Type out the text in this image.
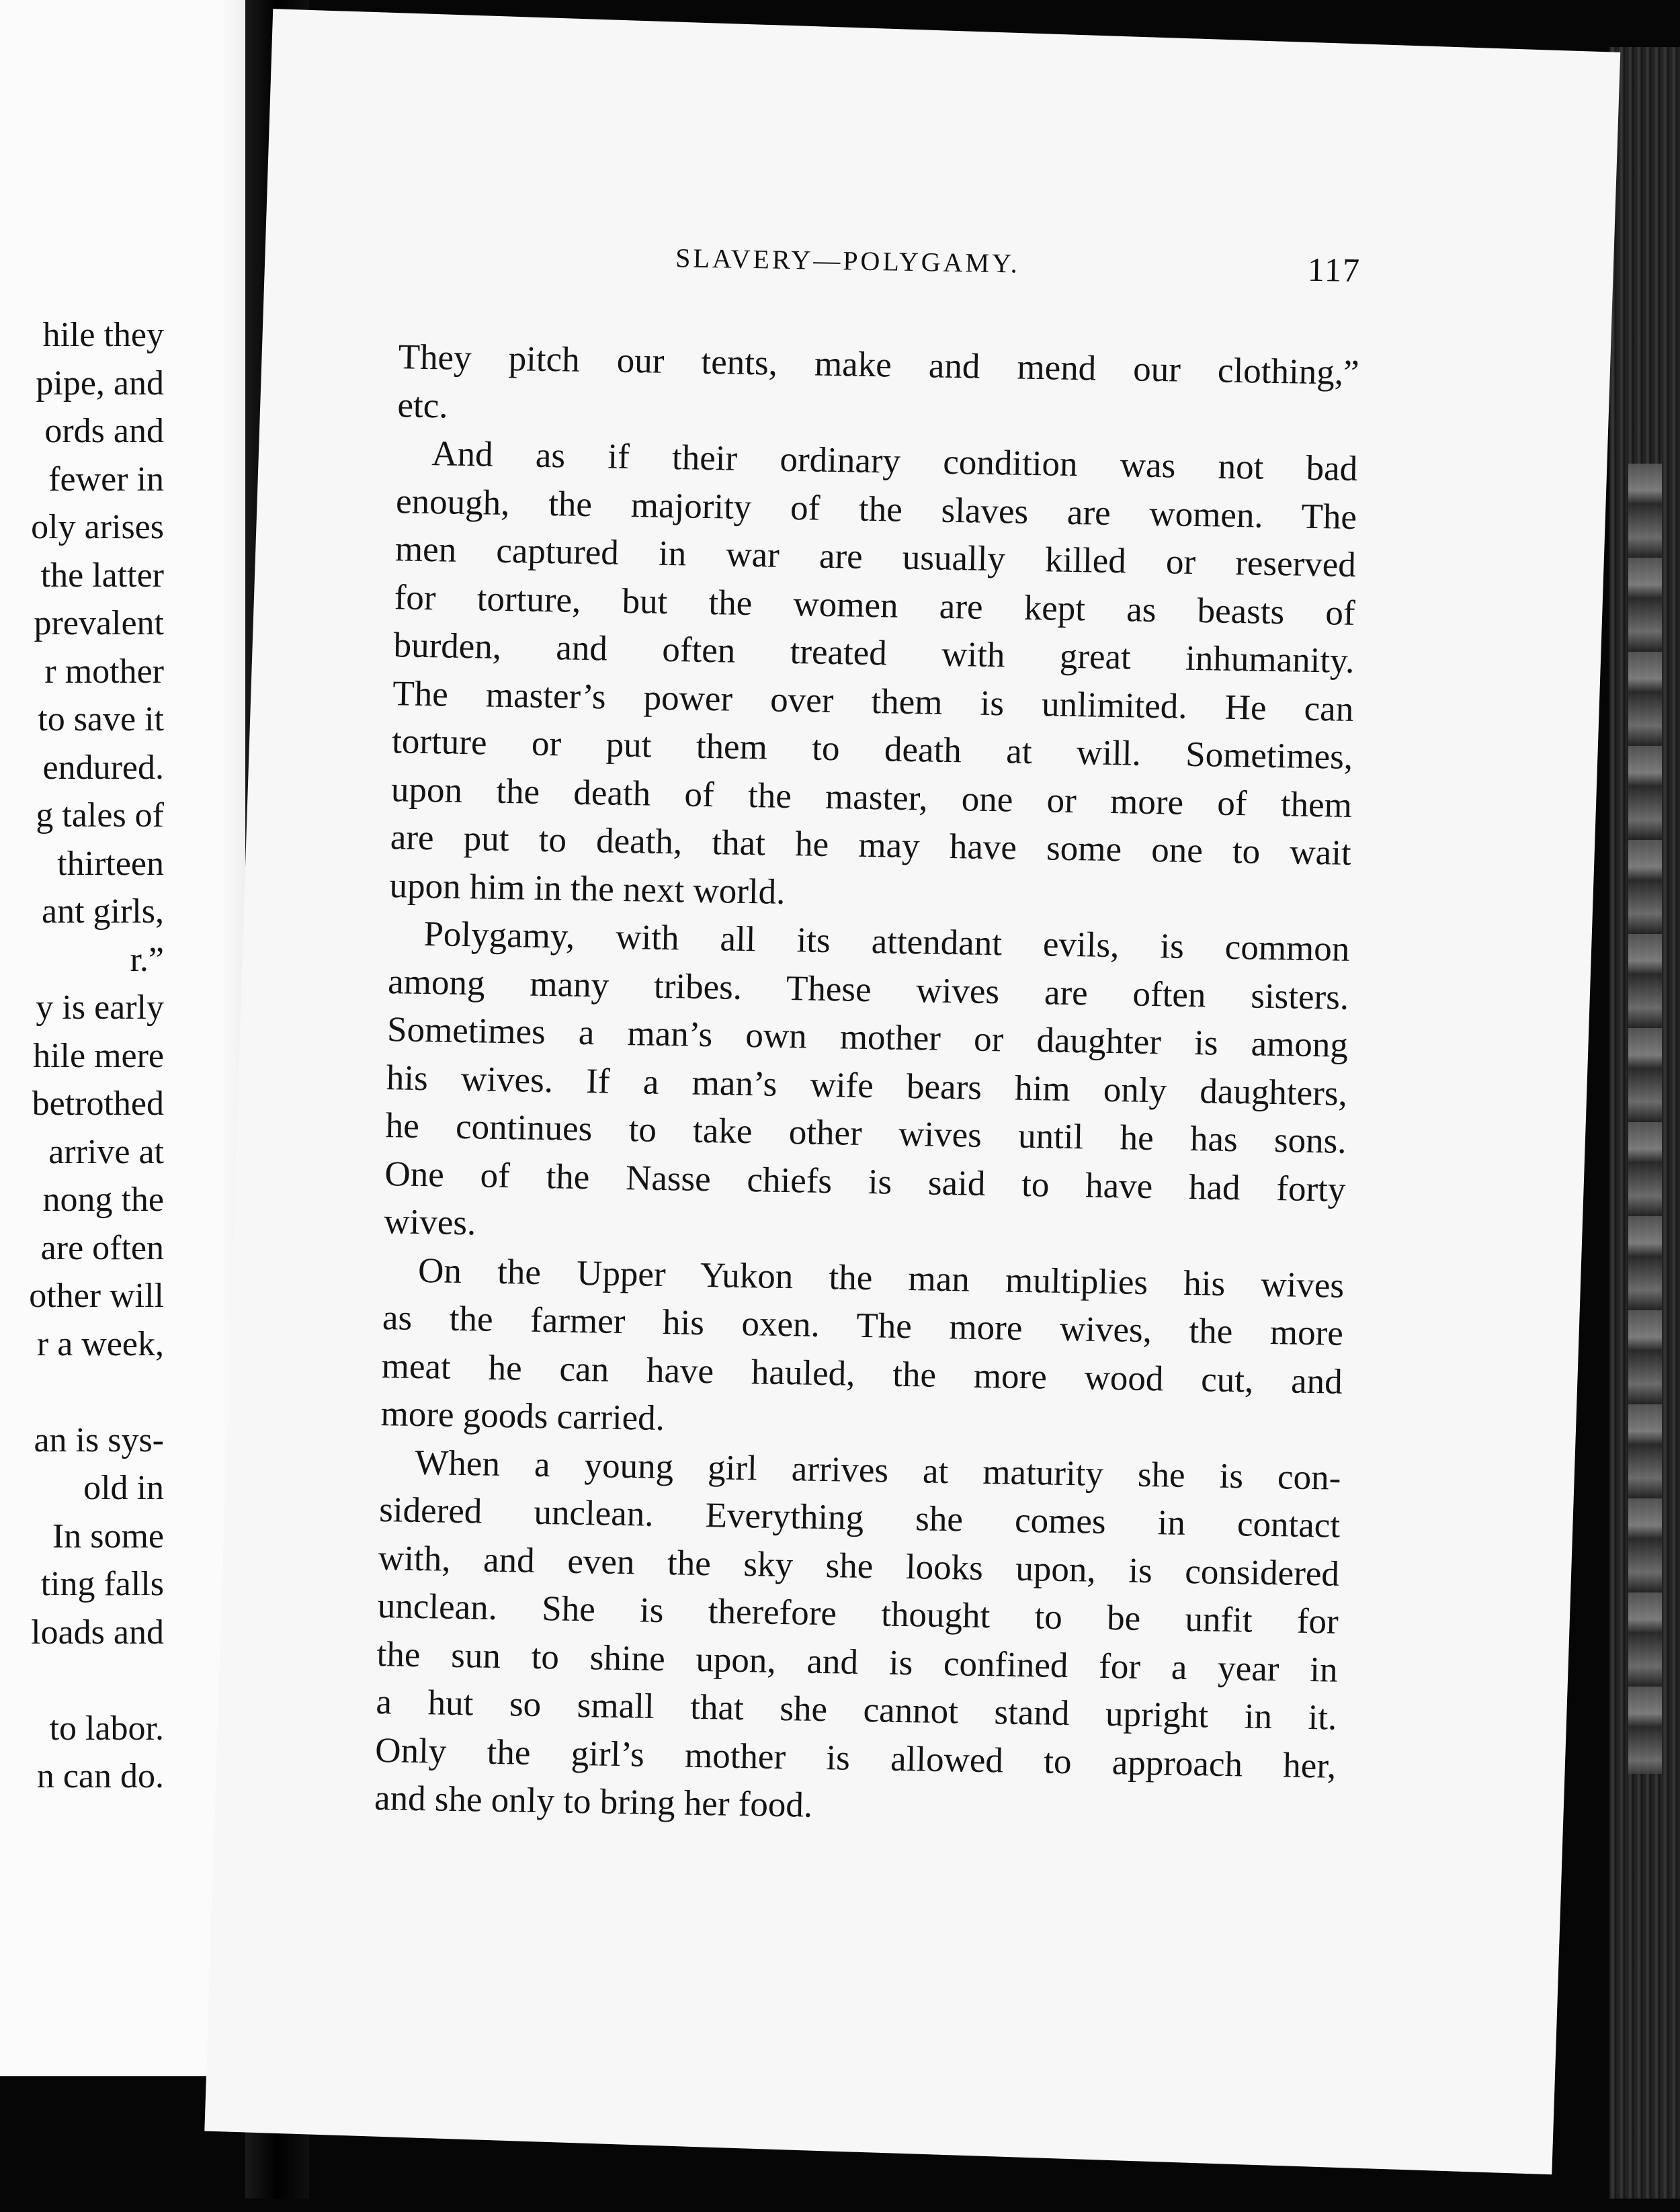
hile they
pipe, and
ords and
fewer in
oly arises
the latter
prevalent
r mother
to save it
endured.
g tales of
thirteen
ant girls,
r.”
y is early
hile mere
betrothed
arrive at
nong the
are often
other will
r a week,
an is sys-
old in
In some
ting falls
loads and
to labor.
n can do.
SLAVERY—POLYGAMY.	117
They pitch our tents, make and mend our clothing,”
etc.
And as if their ordinary condition was not bad
enough, the majority of the slaves are women. The
men captured in war are usually killed or reserved
for torture, but the women are kept as beasts of
burden, and often treated with great inhumanity.
The master’s power over them is unlimited. He can
torture or put them to death at will. Sometimes,
upon the death of the master, one or more of them
are put to death, that he may have some one to wait
upon him in the next world.
Polygamy, with all its attendant evils, is common
among many tribes. These wives are often sisters.
Sometimes a man’s own mother or daughter is among
his wives. If a man’s wife bears him only daughters,
he continues to take other wives until he has sons.
One of the Nasse chiefs is said to have had forty
wives.
On the Upper Yukon the man multiplies his wives
as the farmer his oxen. The more wives, the more
meat he can have hauled, the more wood cut, and
more goods carried.
When a young girl arrives at maturity she is con-
sidered unclean. Everything she comes in contact
with, and even the sky she looks upon, is considered
unclean. She is therefore thought to be unfit for
the sun to shine upon, and is confined for a year in
a hut so small that she cannot stand upright in it.
Only the girl’s mother is allowed to approach her,
and she only to bring her food.
